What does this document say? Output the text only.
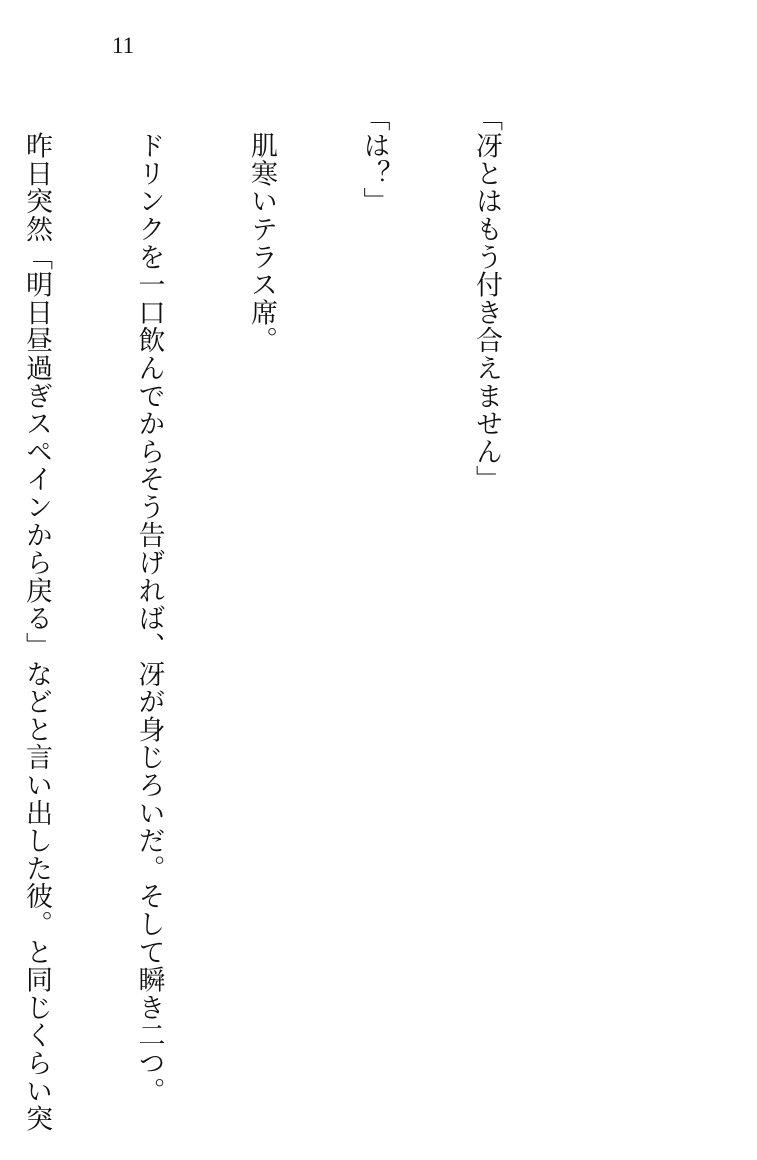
11

「冴とはもう付き合えません」

「は？」

　肌寒いテラス席。

　ドリンクを一口飲んでからそう告げれば、冴が身じろいだ。そして瞬き二つ。

　昨日突然「明日昼過ぎスペインから戻る」などと言い出した彼。と同じくらい突
